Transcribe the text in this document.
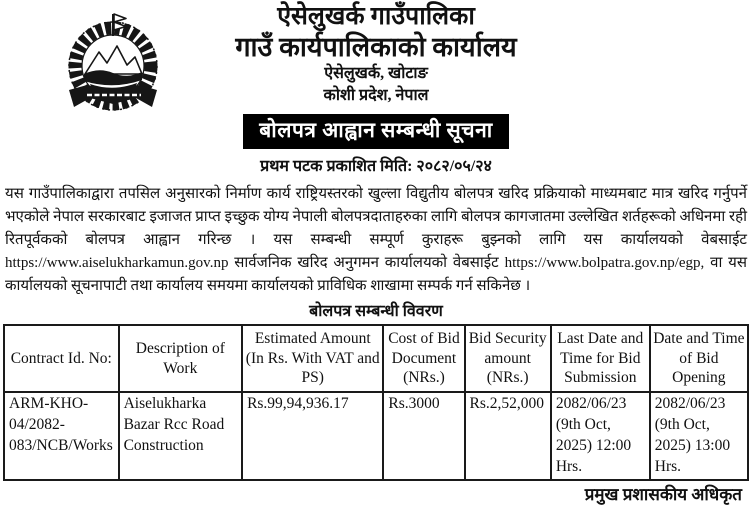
ऐसेलुखर्क गाउँपालिका
गाउँ कार्यपालिकाको कार्यालय
ऐसेलुखर्क, खोटाङ
कोशी प्रदेश, नेपाल
बोलपत्र आह्वान सम्बन्धी सूचना
प्रथम पटक प्रकाशित मिति: २०८२/०५/२४

यस गाउँपालिकाद्वारा तपसिल अनुसारको निर्माण कार्य राष्ट्रियस्तरको खुल्ला विद्युतीय बोलपत्र खरिद प्रक्रियाको माध्यमबाट मात्र खरिद गर्नुपर्ने भएकोले नेपाल सरकारबाट इजाजत प्राप्त इच्छुक योग्य नेपाली बोलपत्रदाताहरुका लागि बोलपत्र कागजातमा उल्लेखित शर्तहरूको अधिनमा रही रितपूर्वकको बोलपत्र आह्वान गरिन्छ । यस सम्बन्धी सम्पूर्ण कुराहरू बुझ्नको लागि यस कार्यालयको वेबसाईट https://www.aiselukharkamun.gov.np सार्वजनिक खरिद अनुगमन कार्यालयको वेबसाईट https://www.bolpatra.gov.np/egp, वा यस कार्यालयको सूचनापाटी तथा कार्यालय समयमा कार्यालयको प्राविधिक शाखामा सम्पर्क गर्न सकिनेछ ।

बोलपत्र सम्बन्धी विवरण
Contract Id. No:	Description of Work	Estimated Amount (In Rs. With VAT and PS)	Cost of Bid Document (NRs.)	Bid Security amount (NRs.)	Last Date and Time for Bid Submission	Date and Time of Bid Opening
ARM-KHO-04/2082-083/NCB/Works	Aiselukharka Bazar Rcc Road Construction	Rs.99,94,936.17	Rs.3000	Rs.2,52,000	2082/06/23 (9th Oct, 2025) 12:00 Hrs.	2082/06/23 (9th Oct, 2025) 13:00 Hrs.
प्रमुख प्रशासकीय अधिकृत
